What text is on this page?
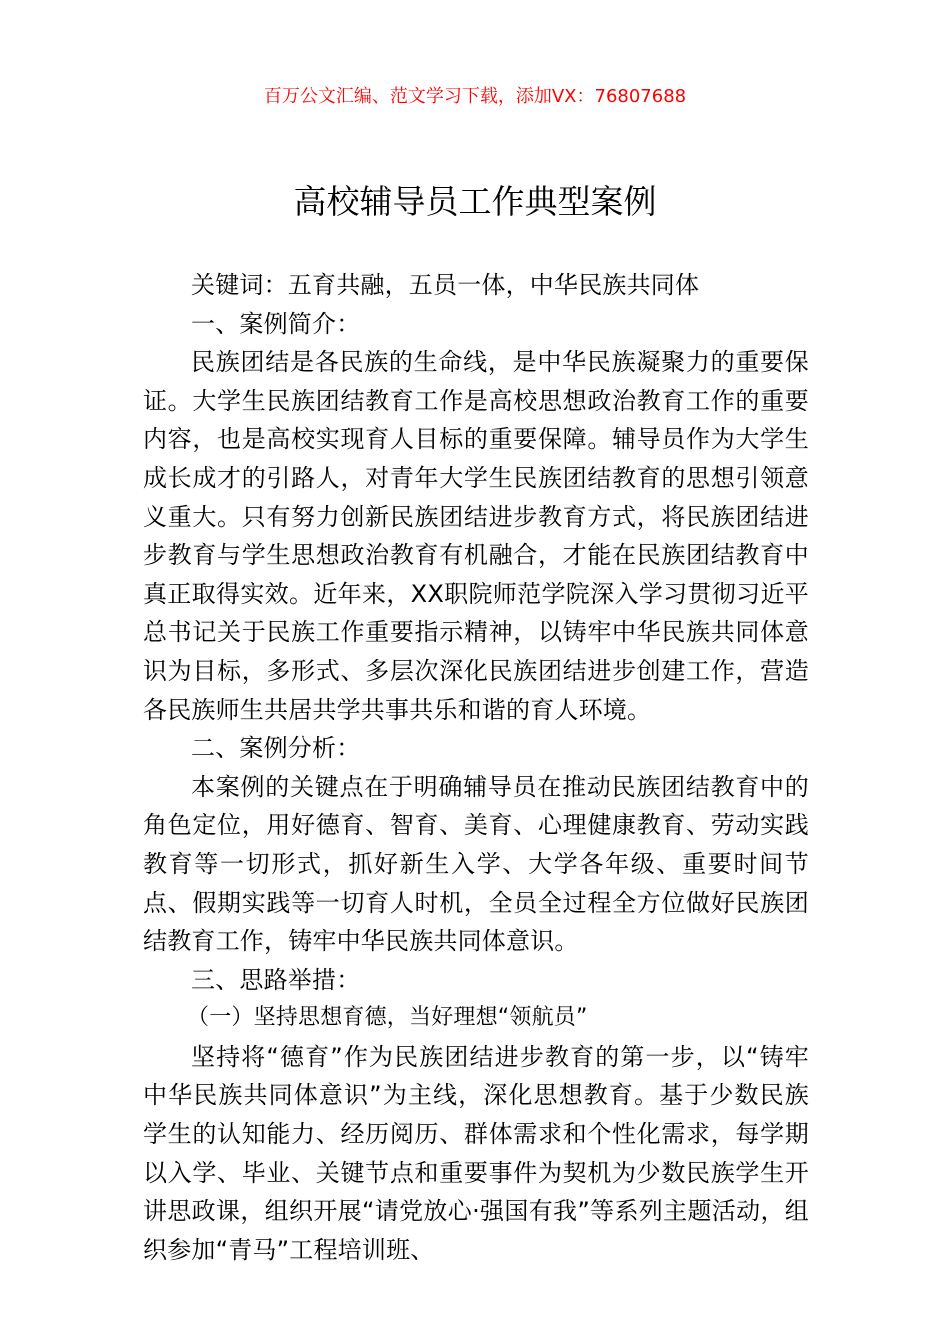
百万公文汇编、范文学习下载，添加VX：76807688
高校辅导员工作典型案例

关键词：五育共融，五员一体，中华民族共同体

一、案例简介：

民族团结是各民族的生命线，是中华民族凝聚力的重要保证。大学生民族团结教育工作是高校思想政治教育工作的重要内容，也是高校实现育人目标的重要保障。辅导员作为大学生成长成才的引路人，对青年大学生民族团结教育的思想引领意义重大。只有努力创新民族团结进步教育方式，将民族团结进步教育与学生思想政治教育有机融合，才能在民族团结教育中真正取得实效。近年来，XX职院师范学院深入学习贯彻习近平总书记关于民族工作重要指示精神，以铸牢中华民族共同体意识为目标，多形式、多层次深化民族团结进步创建工作，营造各民族师生共居共学共事共乐和谐的育人环境。

二、案例分析：

本案例的关键点在于明确辅导员在推动民族团结教育中的角色定位，用好德育、智育、美育、心理健康教育、劳动实践教育等一切形式，抓好新生入学、大学各年级、重要时间节点、假期实践等一切育人时机，全员全过程全方位做好民族团结教育工作，铸牢中华民族共同体意识。

三、思路举措：

（一）坚持思想育德，当好理想“领航员”

坚持将“德育”作为民族团结进步教育的第一步，以“铸牢中华民族共同体意识”为主线，深化思想教育。基于少数民族学生的认知能力、经历阅历、群体需求和个性化需求，每学期以入学、毕业、关键节点和重要事件为契机为少数民族学生开讲思政课，组织开展“请党放心·强国有我”等系列主题活动，组织参加“青马”工程培训班、
